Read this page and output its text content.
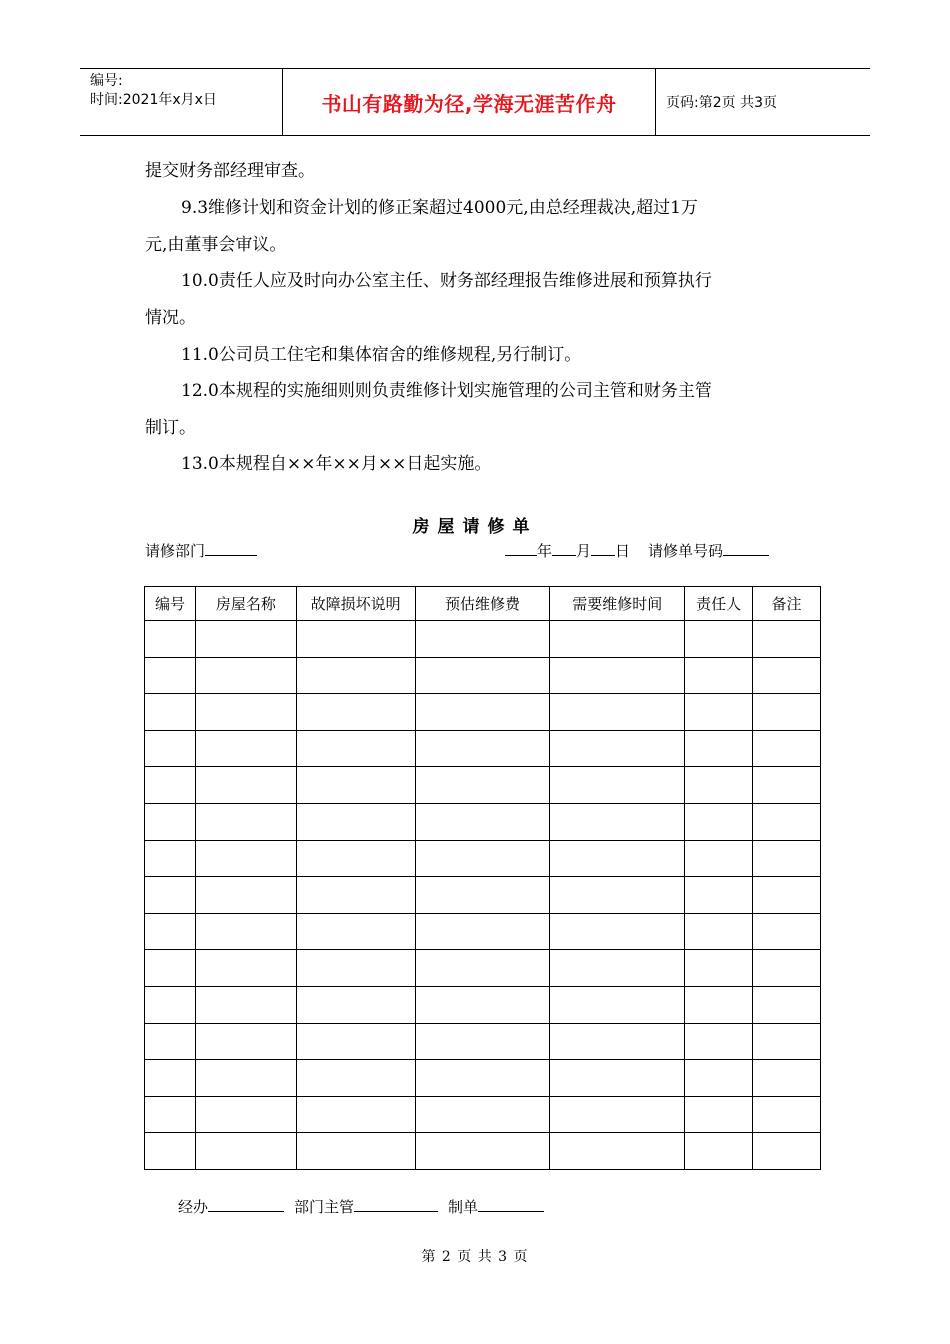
编号:
时间:2021年x月x日	书山有路勤为径,学海无涯苦作舟	页码:第2页 共3页

提交财务部经理审查。

9.3维修计划和资金计划的修正案超过4000元,由总经理裁决,超过1万
元,由董事会审议。

10.0责任人应及时向办公室主任、财务部经理报告维修进展和预算执行
情况。

11.0公司员工住宅和集体宿舍的维修规程,另行制订。

12.0本规程的实施细则则负责维修计划实施管理的公司主管和财务主管
制订。

13.0本规程自××年××月××日起实施。

房屋请修单
请修部门	年 月 日 请修单号码
编号	房屋名称	故障损坏说明	预估维修费	需要维修时间	责任人	备注

经办	部门主管	制单
第 2 页 共 3 页
